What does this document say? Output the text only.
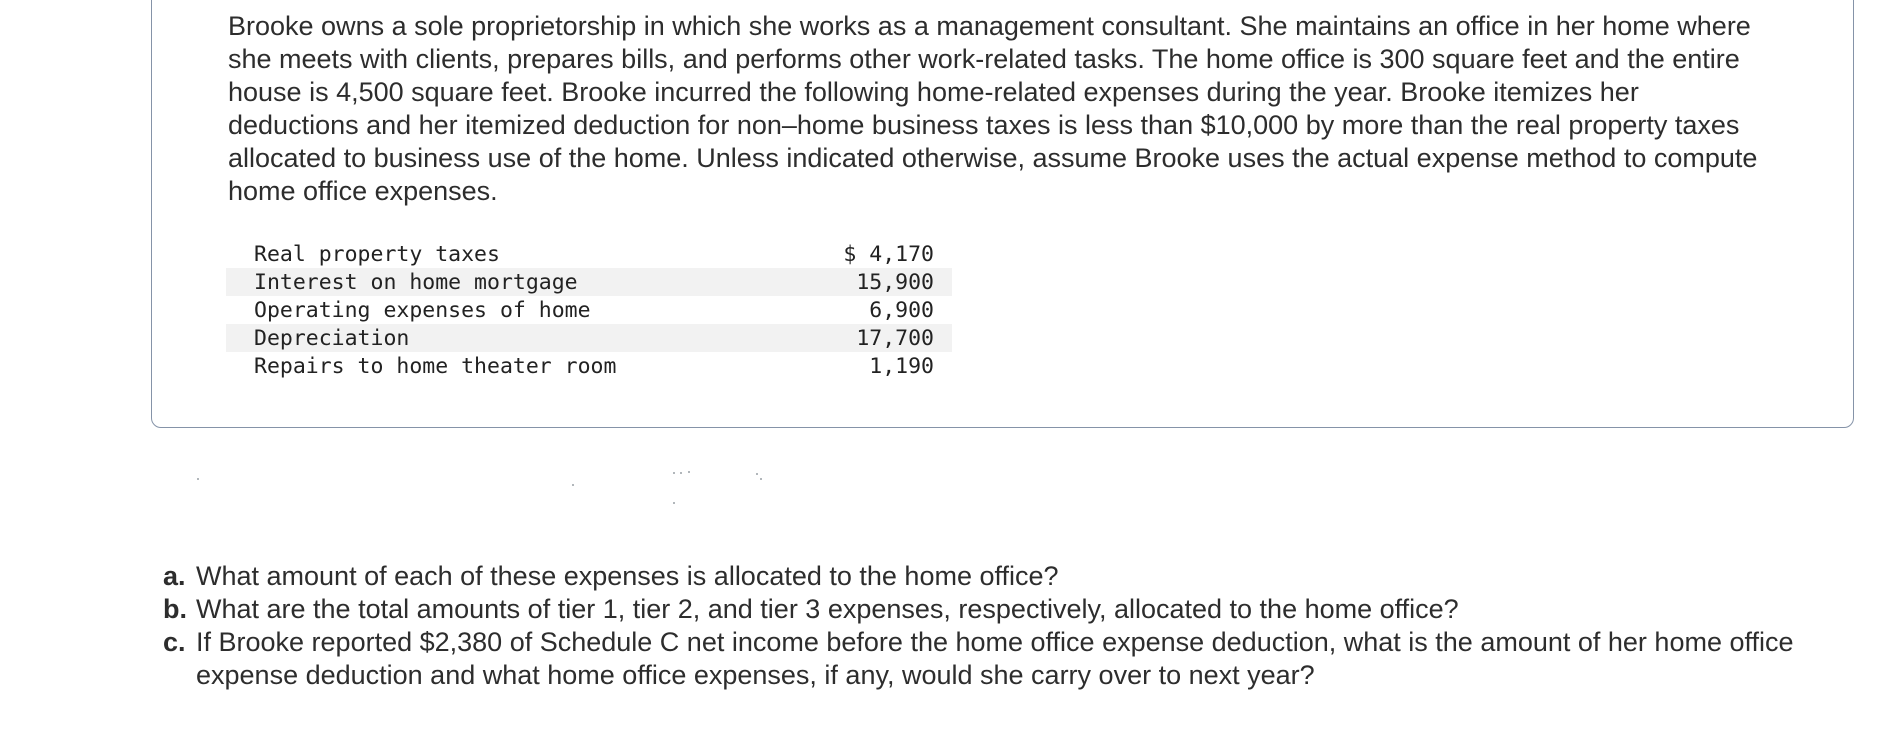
Brooke owns a sole proprietorship in which she works as a management consultant. She maintains an office in her home where she meets with clients, prepares bills, and performs other work-related tasks. The home office is 300 square feet and the entire house is 4,500 square feet. Brooke incurred the following home-related expenses during the year. Brooke itemizes her deductions and her itemized deduction for non–home business taxes is less than $10,000 by more than the real property taxes allocated to business use of the home. Unless indicated otherwise, assume Brooke uses the actual expense method to compute home office expenses.

Real property taxes	$ 4,170
Interest on home mortgage	15,900
Operating expenses of home	6,900
Depreciation	17,700
Repairs to home theater room	1,190
a. What amount of each of these expenses is allocated to the home office?
b. What are the total amounts of tier 1, tier 2, and tier 3 expenses, respectively, allocated to the home office?
c. If Brooke reported $2,380 of Schedule C net income before the home office expense deduction, what is the amount of her home office expense deduction and what home office expenses, if any, would she carry over to next year?
